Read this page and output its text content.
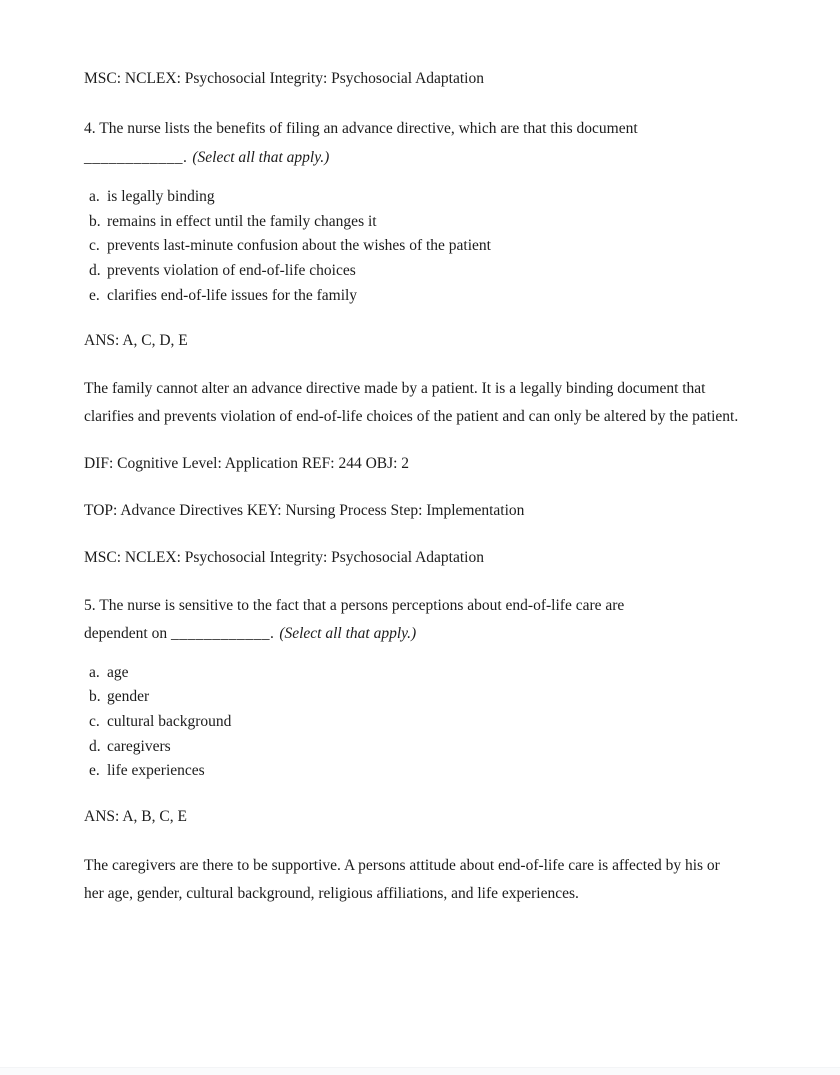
MSC: NCLEX: Psychosocial Integrity: Psychosocial Adaptation

4. The nurse lists the benefits of filing an advance directive, which are that this document
____________. (Select all that apply.)

a. is legally binding
b. remains in effect until the family changes it
c. prevents last-minute confusion about the wishes of the patient
d. prevents violation of end-of-life choices
e. clarifies end-of-life issues for the family

ANS: A, C, D, E

The family cannot alter an advance directive made by a patient. It is a legally binding document that clarifies and prevents violation of end-of-life choices of the patient and can only be altered by the patient.

DIF: Cognitive Level: Application REF: 244 OBJ: 2

TOP: Advance Directives KEY: Nursing Process Step: Implementation

MSC: NCLEX: Psychosocial Integrity: Psychosocial Adaptation

5. The nurse is sensitive to the fact that a persons perceptions about end-of-life care are
dependent on ____________. (Select all that apply.)

a. age
b. gender
c. cultural background
d. caregivers
e. life experiences

ANS: A, B, C, E

The caregivers are there to be supportive. A persons attitude about end-of-life care is affected by his or her age, gender, cultural background, religious affiliations, and life experiences.
